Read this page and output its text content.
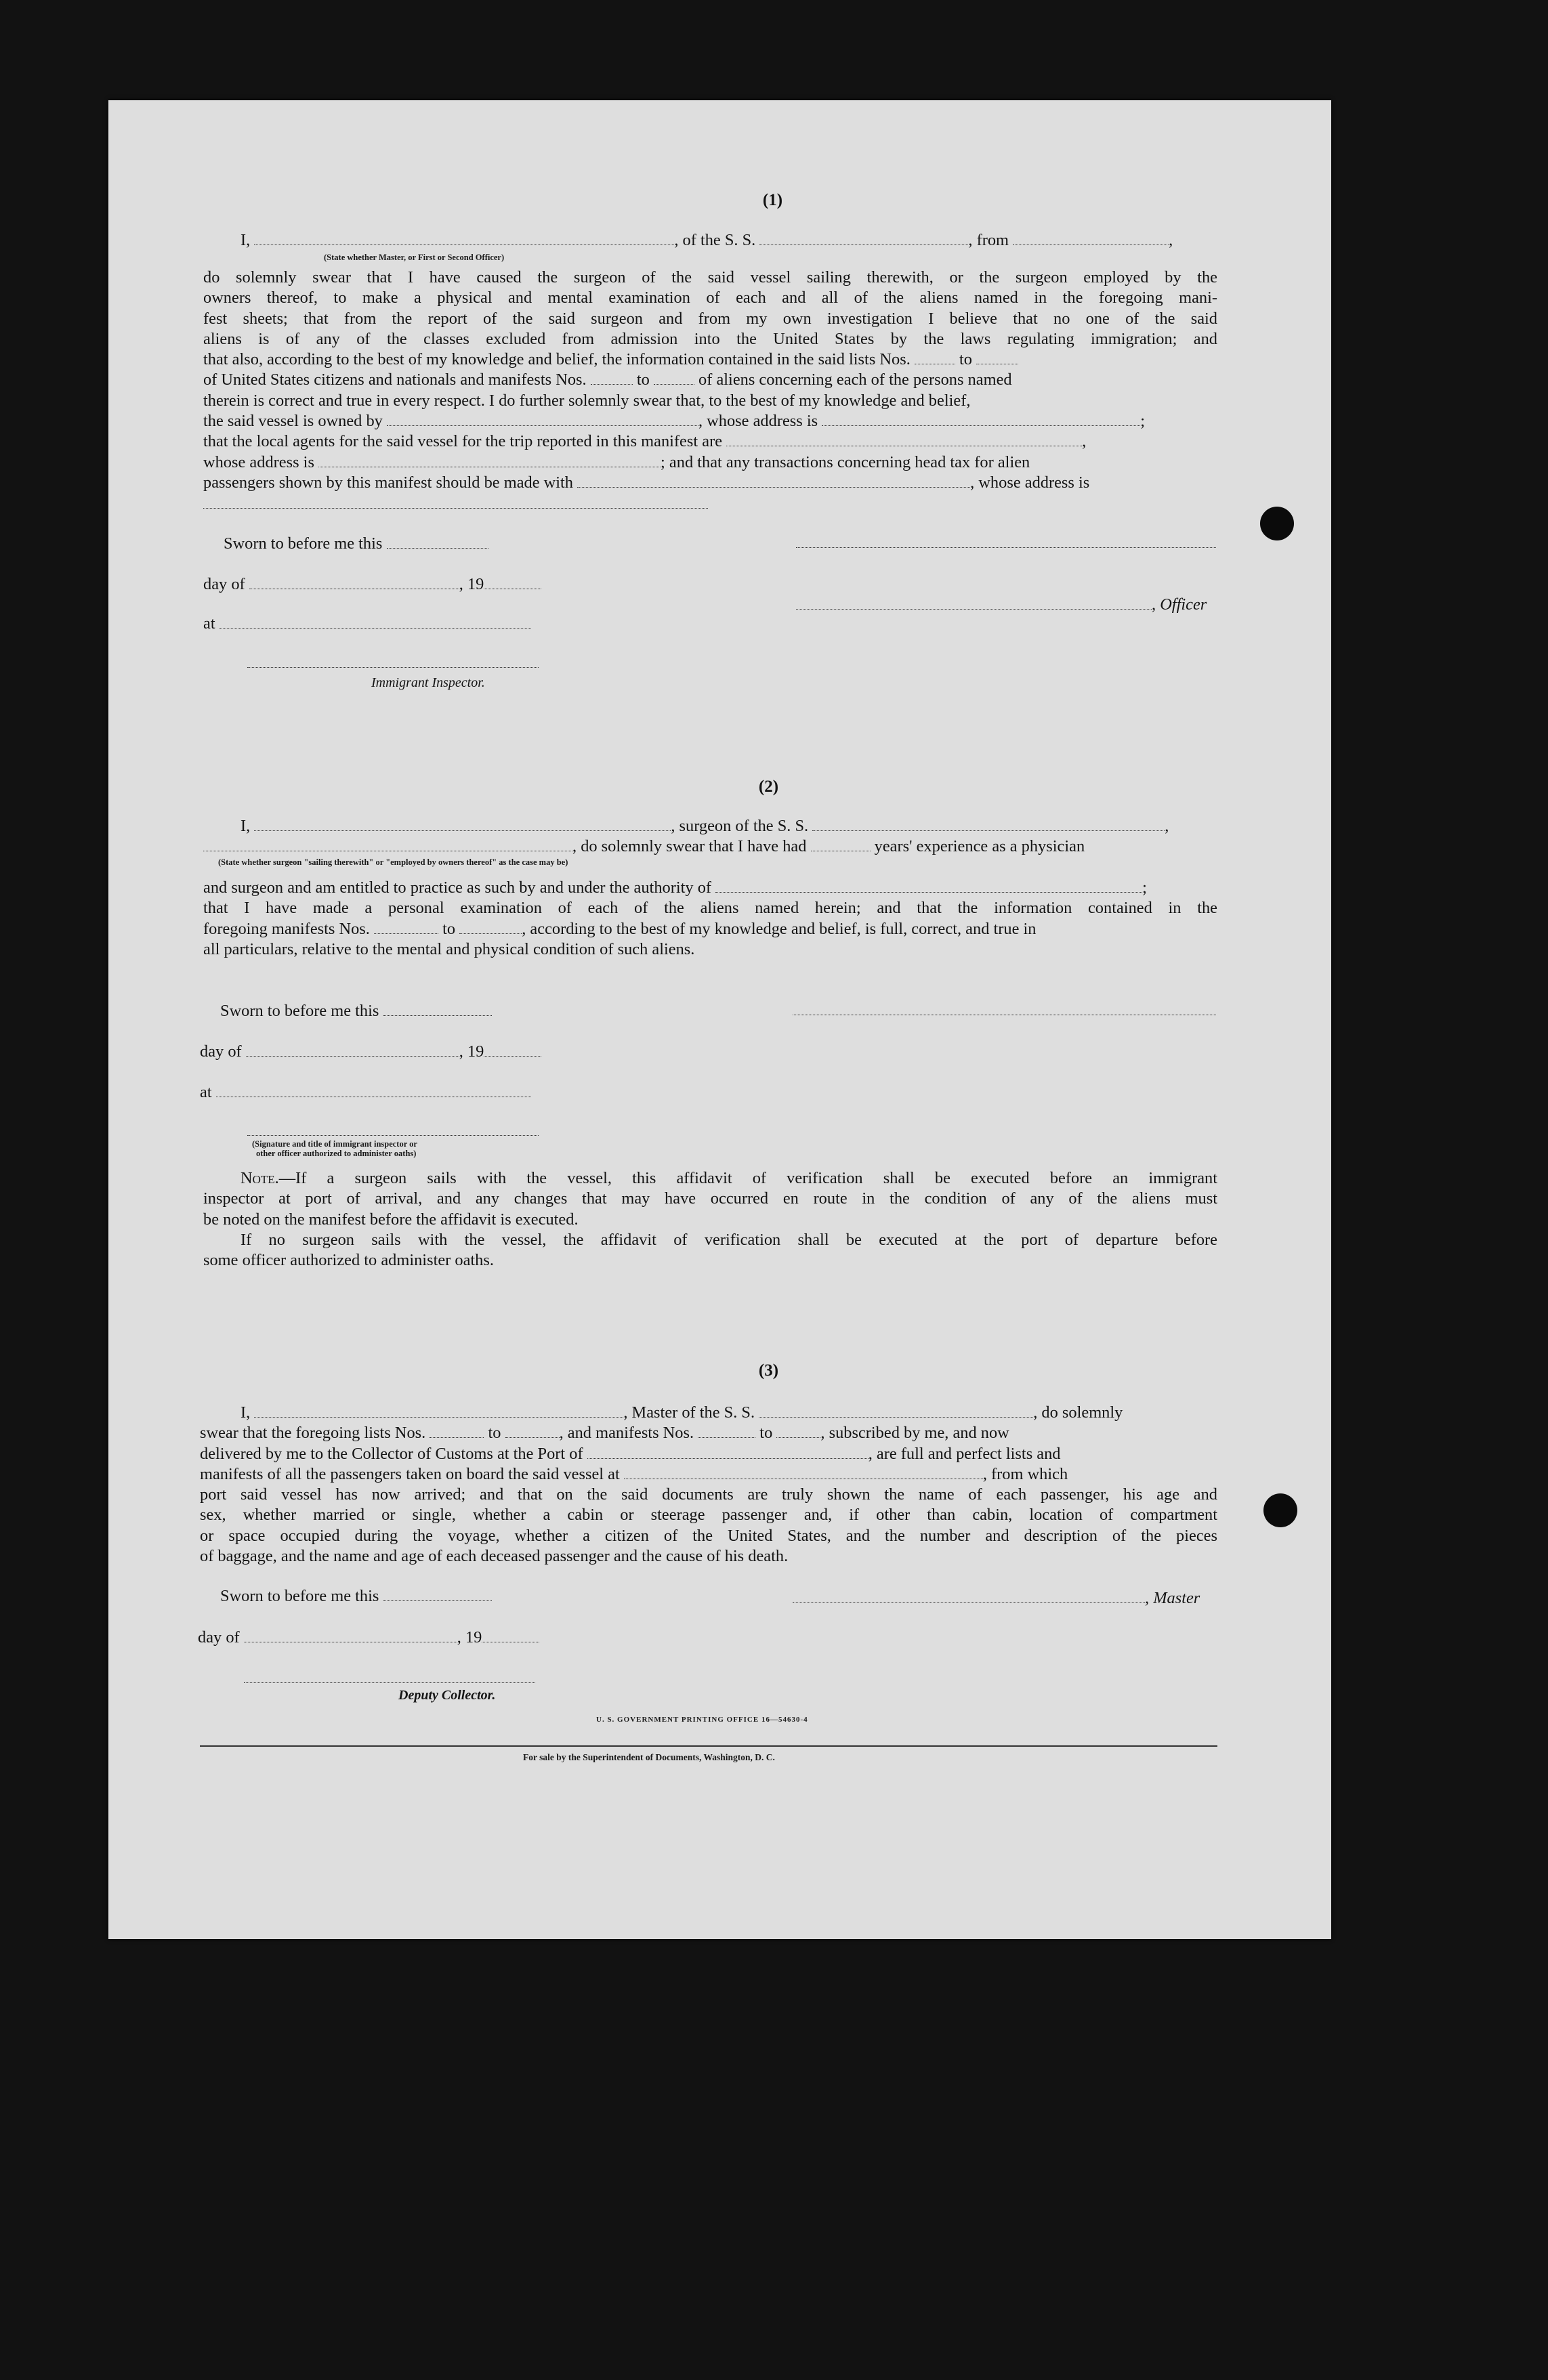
(1)
I,	, of the S. S.	, from	,
(State whether Master, or First or Second Officer)
do solemnly swear that I have caused the surgeon of the said vessel sailing therewith, or the surgeon employed by the
owners thereof, to make a physical and mental examination of each and all of the aliens named in the foregoing mani-
fest sheets; that from the report of the said surgeon and from my own investigation I believe that no one of the said
aliens is of any of the classes excluded from admission into the United States by the laws regulating immigration; and
that also, according to the best of my knowledge and belief, the information contained in the said lists Nos.	to
of United States citizens and nationals and manifests Nos.	to	of aliens concerning each of the persons named
therein is correct and true in every respect. I do further solemnly swear that, to the best of my knowledge and belief,
the said vessel is owned by	, whose address is	;
that the local agents for the said vessel for the trip reported in this manifest are	,
whose address is	; and that any transactions concerning head tax for alien
passengers shown by this manifest should be made with	, whose address is
Sworn to before me this
day of	, 19
, Officer
at
Immigrant Inspector.
(2)
I,	, surgeon of the S. S.	,
, do solemnly swear that I have had	years' experience as a physician
(State whether surgeon "sailing therewith" or "employed by owners thereof" as the case may be)
and surgeon and am entitled to practice as such by and under the authority of	;
that I have made a personal examination of each of the aliens named herein; and that the information contained in the
foregoing manifests Nos.	to	, according to the best of my knowledge and belief, is full, correct, and true in
all particulars, relative to the mental and physical condition of such aliens.
Sworn to before me this
day of	, 19
at
(Signature and title of immigrant inspector or
other officer authorized to administer oaths)
Note.—If a surgeon sails with the vessel, this affidavit of verification shall be executed before an immigrant
inspector at port of arrival, and any changes that may have occurred en route in the condition of any of the aliens must
be noted on the manifest before the affidavit is executed.
If no surgeon sails with the vessel, the affidavit of verification shall be executed at the port of departure before
some officer authorized to administer oaths.
(3)
I,	, Master of the S. S.	, do solemnly
swear that the foregoing lists Nos.	to	, and manifests Nos.	to	, subscribed by me, and now
delivered by me to the Collector of Customs at the Port of	, are full and perfect lists and
manifests of all the passengers taken on board the said vessel at	, from which
port said vessel has now arrived; and that on the said documents are truly shown the name of each passenger, his age and
sex, whether married or single, whether a cabin or steerage passenger and, if other than cabin, location of compartment
or space occupied during the voyage, whether a citizen of the United States, and the number and description of the pieces
of baggage, and the name and age of each deceased passenger and the cause of his death.
Sworn to before me this	, Master
day of	, 19
Deputy Collector.
U. S. GOVERNMENT PRINTING OFFICE 16—54630-4
For sale by the Superintendent of Documents, Washington, D. C.
